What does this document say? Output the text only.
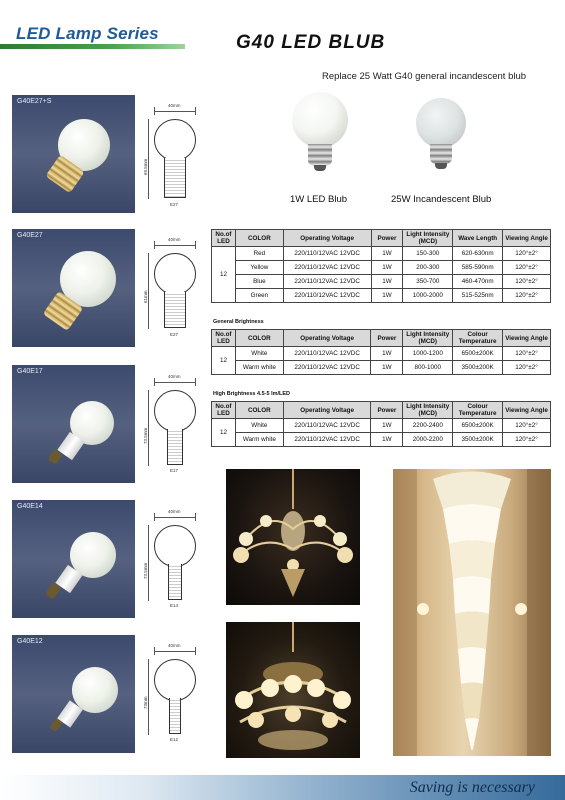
LED Lamp Series	G40 LED BLUB
Replace 25 Watt G40 general incandescent blub
1W LED Blub	25W Incandescent Blub
G40E27+S
G40E27
G40E17
G40E14
G40E12
40mm
69.5mm
E27
40mm
61mm
E27
40mm
73.5mm
E17
40mm
73.5mm
E14
40mm
73mm
E12
No.of LED	COLOR	Operating Voltage	Power	Light Intensity (MCD)	Wave Length	Viewing Angle
12	Red	220/110/12VAC 12VDC	1W	150-300	620-630nm	120°±2°
	Yellow	220/110/12VAC 12VDC	1W	200-300	585-590nm	120°±2°
	Blue	220/110/12VAC 12VDC	1W	350-700	460-470nm	120°±2°
	Green	220/110/12VAC 12VDC	1W	1000-2000	515-525nm	120°±2°
General Brightness
No.of LED	COLOR	Operating Voltage	Power	Light Intensity (MCD)	Colour Temperature	Viewing Angle
12	White	220/110/12VAC 12VDC	1W	1000-1200	6500±200K	120°±2°
	Warm white	220/110/12VAC 12VDC	1W	800-1000	3500±200K	120°±2°
High Brightness 4.5-5 lm/LED
No.of LED	COLOR	Operating Voltage	Power	Light Intensity (MCD)	Colour Temperature	Viewing Angle
12	White	220/110/12VAC 12VDC	1W	2200-2400	6500±200K	120°±2°
	Warm white	220/110/12VAC 12VDC	1W	2000-2200	3500±200K	120°±2°
Saving is necessary
